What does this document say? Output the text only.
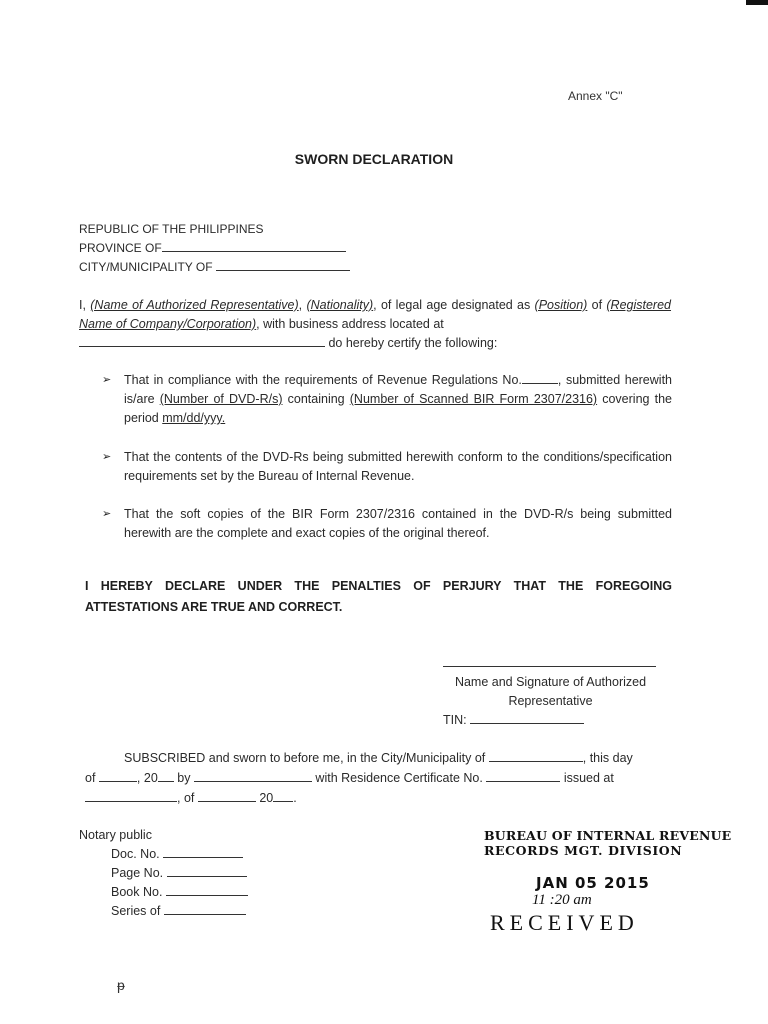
Annex "C"
SWORN DECLARATION
REPUBLIC OF THE PHILIPPINES
PROVINCE OF
CITY/MUNICIPALITY OF
I, (Name of Authorized Representative), (Nationality), of legal age designated as (Position) of (Registered Name of Company/Corporation), with business address located at
do hereby certify the following:
➢ That in compliance with the requirements of Revenue Regulations No.	, submitted herewith is/are (Number of DVD-R/s) containing (Number of Scanned BIR Form 2307/2316) covering the period mm/dd/yyy.
➢ That the contents of the DVD-Rs being submitted herewith conform to the conditions/specification requirements set by the Bureau of Internal Revenue.
➢ That the soft copies of the BIR Form 2307/2316 contained in the DVD-R/s being submitted herewith are the complete and exact copies of the original thereof.
I HEREBY DECLARE UNDER THE PENALTIES OF PERJURY THAT THE FOREGOING ATTESTATIONS ARE TRUE AND CORRECT.
Name and Signature of Authorized
Representative
TIN:
SUBSCRIBED and sworn to before me, in the City/Municipality of	, this day
of	, 20 by	with Residence Certificate No.	issued at
, of	20 .
Notary public
Doc. No.
Page No.
Book No.
Series of
BUREAU OF INTERNAL REVENUE
RECORDS MGT. DIVISION
JAN 05 2015
11 :20 am
RECEIVED
ᵽ
